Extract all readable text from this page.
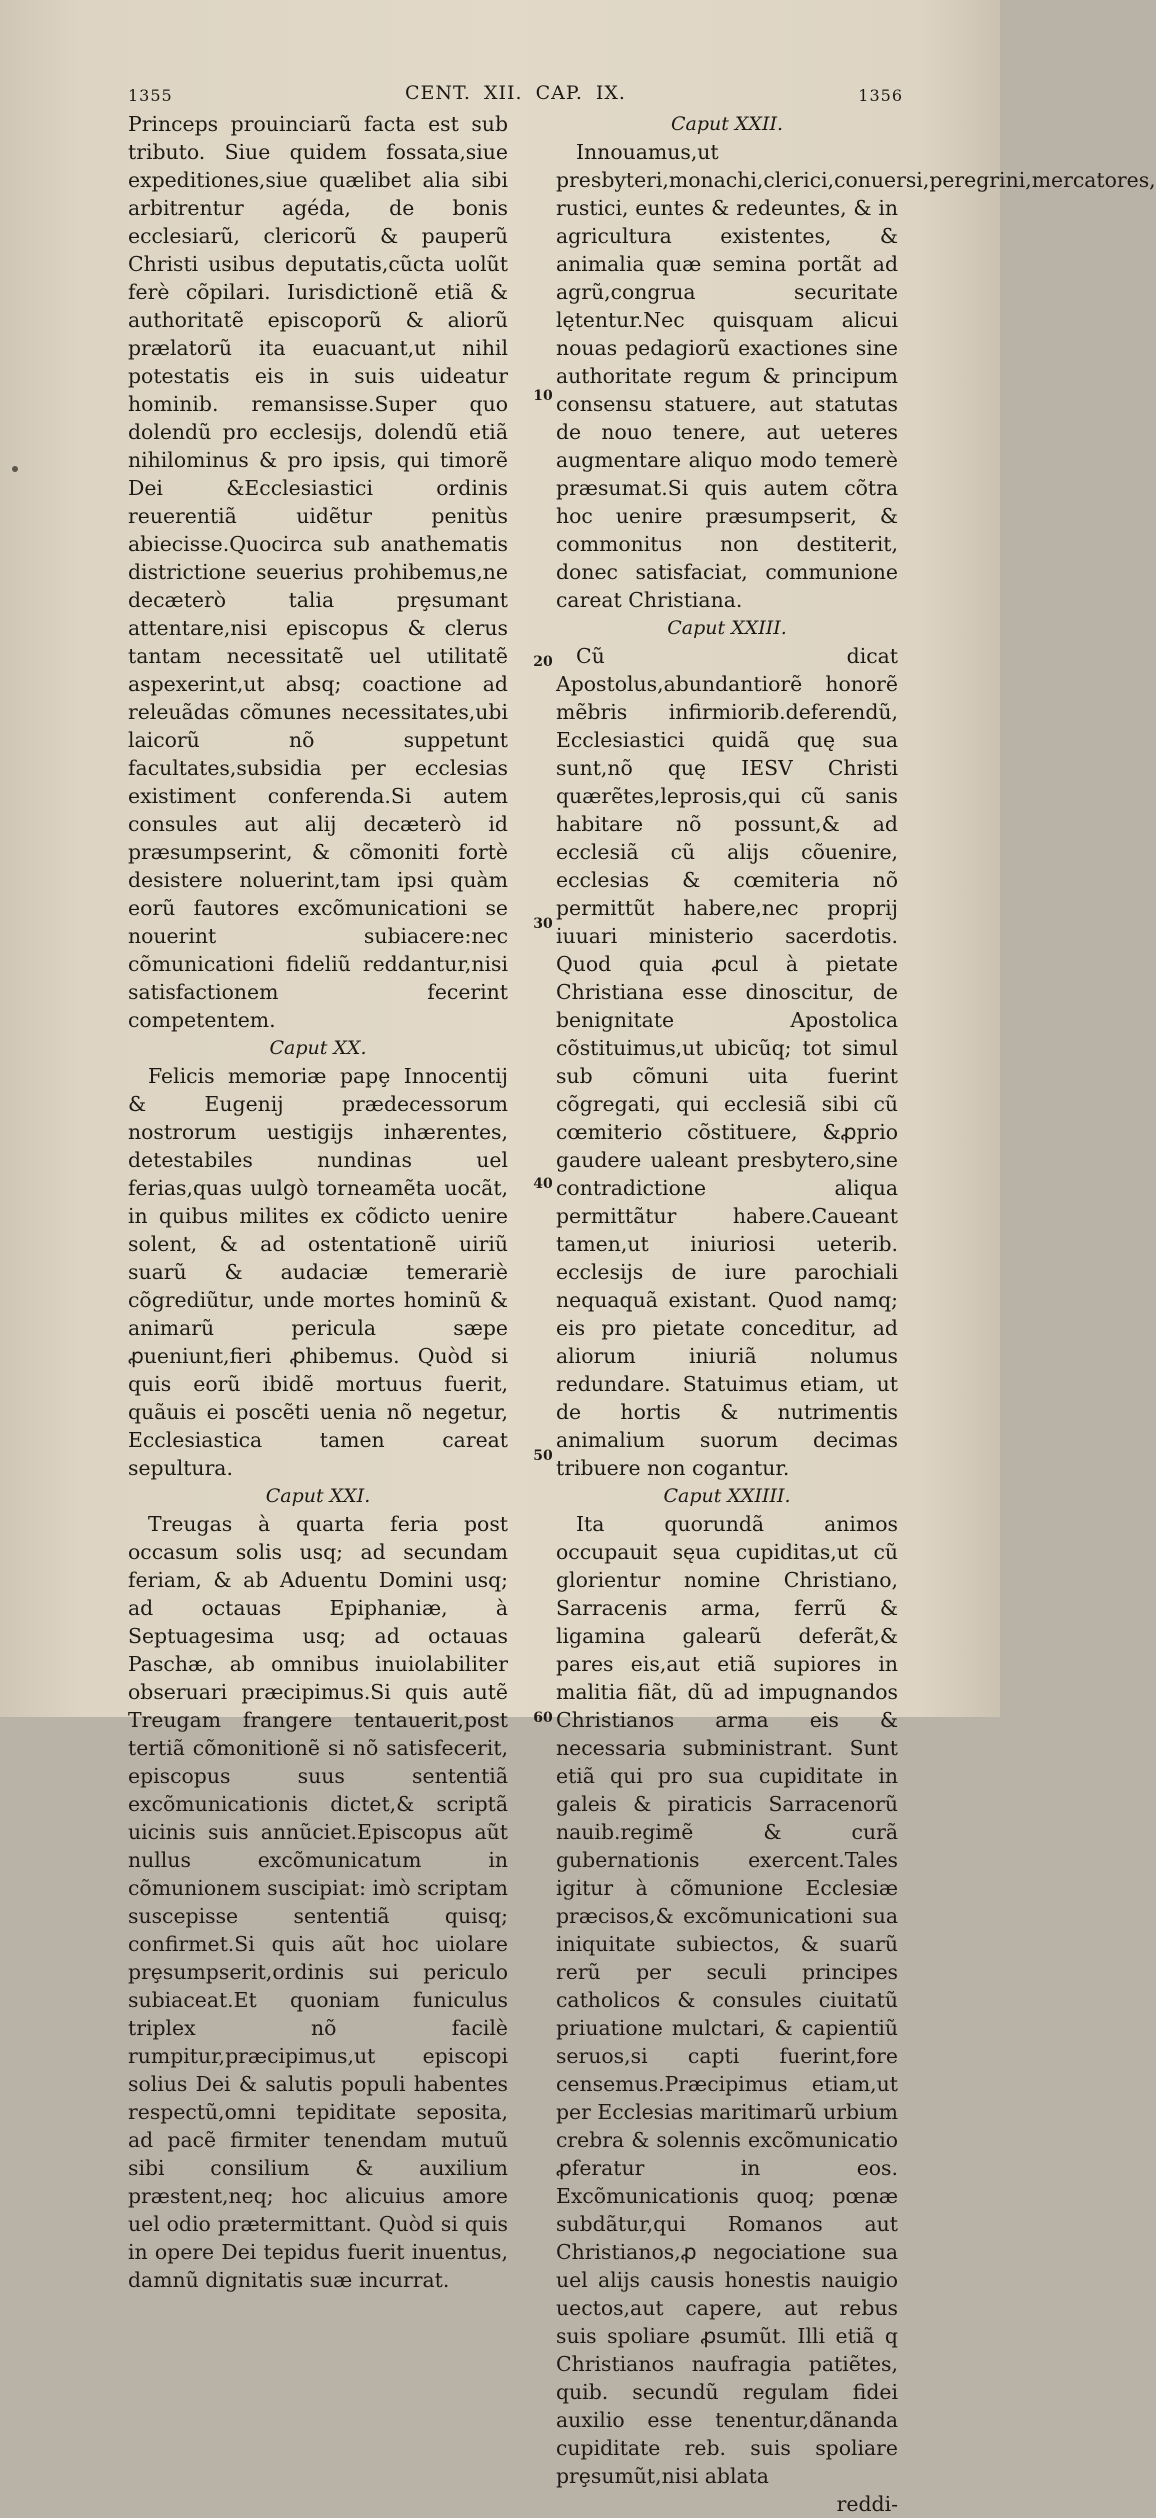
1355	CENT. XII. CAP. IX.	1356

Princeps prouinciarũ facta est sub tributo. Siue quidem fossata,siue expeditiones,siue quælibet alia sibi arbitrentur agéda, de bonis ecclesiarũ, clericorũ & pauperũ Christi usibus deputatis,cũcta uolũt ferè cõpilari. Iurisdictionẽ etiã & authoritatẽ episcoporũ & aliorũ prælatorũ ita euacuant,ut nihil potestatis eis in suis uideatur hominib. remansisse.Super quo dolendũ pro ecclesijs, dolendũ etiã nihilominus & pro ipsis, qui timorẽ Dei &Ecclesiastici ordinis reuerentiã uidẽtur penitùs abiecisse.Quocirca sub anathematis districtione seuerius prohibemus,ne decæterò talia prȩsumant attentare,nisi episcopus & clerus tantam necessitatẽ uel utilitatẽ aspexerint,ut absq; coactione ad releuãdas cõmunes necessitates,ubi laicorũ nõ suppetunt facultates,subsidia per ecclesias existiment conferenda.Si autem consules aut alij decæterò id præsumpserint, & cõmoniti fortè desistere noluerint,tam ipsi quàm eorũ fautores excõmunicationi se nouerint subiacere:nec cõmunicationi fideliũ reddantur,nisi satisfactionem fecerint competentem.

Caput XX.

Felicis memoriæ papȩ Innocentij & Eugenij prædecessorum nostrorum uestigijs inhærentes, detestabiles nundinas uel ferias,quas uulgò torneamẽta uocãt, in quibus milites ex cõdicto uenire solent, & ad ostentationẽ uiriũ suarũ & audaciæ temerariè cõgrediũtur, unde mortes hominũ & animarũ pericula sæpe ꝓueniunt,fieri ꝓhibemus. Quòd si quis eorũ ibidẽ mortuus fuerit, quãuis ei poscẽti uenia nõ negetur, Ecclesiastica tamen careat sepultura.

Caput XXI.

Treugas à quarta feria post occasum solis usq; ad secundam feriam, & ab Aduentu Domini usq; ad octauas Epiphaniæ, à Septuagesima usq; ad octauas Paschæ, ab omnibus inuiolabiliter obseruari præcipimus.Si quis autẽ Treugam frangere tentauerit,post tertiã cõmonitionẽ si nõ satisfecerit, episcopus suus sententiã excõmunicationis dictet,& scriptã uicinis suis annũciet.Episcopus aũt nullus excõmunicatum in cõmunionem suscipiat: imò scriptam suscepisse sententiã quisq; confirmet.Si quis aũt hoc uiolare prȩsumpserit,ordinis sui periculo subiaceat.Et quoniam funiculus triplex nõ facilè rumpitur,præcipimus,ut episcopi solius Dei & salutis populi habentes respectũ,omni tepiditate seposita, ad pacẽ firmiter tenendam mutuũ sibi consilium & auxilium præstent,neq; hoc alicuius amore uel odio prætermittant. Quòd si quis in opere Dei tepidus fuerit inuentus, damnũ dignitatis suæ incurrat.

10
20
30
40
50
60

Caput XXII.

Innouamus,ut presbyteri,monachi,clerici,conuersi,peregrini,mercatores, rustici, euntes & redeuntes, & in agricultura existentes, & animalia quæ semina portãt ad agrũ,congrua securitate lętentur.Nec quisquam alicui nouas pedagiorũ exactiones sine authoritate regum & principum consensu statuere, aut statutas de nouo tenere, aut ueteres augmentare aliquo modo temerè præsumat.Si quis autem cõtra hoc uenire præsumpserit, & commonitus non destiterit, donec satisfaciat, communione careat Christiana.

Caput XXIII.

Cũ dicat Apostolus,abundantiorẽ honorẽ mẽbris infirmiorib.deferendũ, Ecclesiastici quidã quę sua sunt,nõ quę IESV Christi quærẽtes,leprosis,qui cũ sanis habitare nõ possunt,& ad ecclesiã cũ alijs cõuenire, ecclesias & cœmiteria nõ permittũt habere,nec proprij iuuari ministerio sacerdotis. Quod quia ꝓcul à pietate Christiana esse dinoscitur, de benignitate Apostolica cõstituimus,ut ubicũq; tot simul sub cõmuni uita fuerint cõgregati, qui ecclesiã sibi cũ cœmiterio cõstituere, &ꝓprio gaudere ualeant presbytero,sine contradictione aliqua permittãtur habere.Caueant tamen,ut iniuriosi ueterib. ecclesijs de iure parochiali nequaquã existant. Quod namq; eis pro pietate conceditur, ad aliorum iniuriã nolumus redundare. Statuimus etiam, ut de hortis & nutrimentis animalium suorum decimas tribuere non cogantur.

Caput XXIIII.

Ita quorundã animos occupauit sęua cupiditas,ut cũ glorientur nomine Christiano, Sarracenis arma, ferrũ & ligamina galearũ deferãt,& pares eis,aut etiã supiores in malitia fiãt, dũ ad impugnandos Christianos arma eis & necessaria subministrant. Sunt etiã qui pro sua cupiditate in galeis & piraticis Sarracenorũ nauib.regimẽ & curã gubernationis exercent.Tales igitur à cõmunione Ecclesiæ præcisos,& excõmunicationi sua iniquitate subiectos, & suarũ rerũ per seculi principes catholicos & consules ciuitatũ priuatione mulctari, & capientiũ seruos,si capti fuerint,fore censemus.Præcipimus etiam,ut per Ecclesias maritimarũ urbium crebra & solennis excõmunicatio ꝓferatur in eos. Excõmunicationis quoq; pœnæ subdãtur,qui Romanos aut Christianos,ꝓ negociatione sua uel alijs causis honestis nauigio uectos,aut capere, aut rebus suis spoliare ꝓsumũt. Illi etiã q Christianos naufragia patiẽtes, quib. secundũ regulam fidei auxilio esse tenentur,dãnanda cupiditate reb. suis spoliare prȩsumũt,nisi ablata

reddi-
